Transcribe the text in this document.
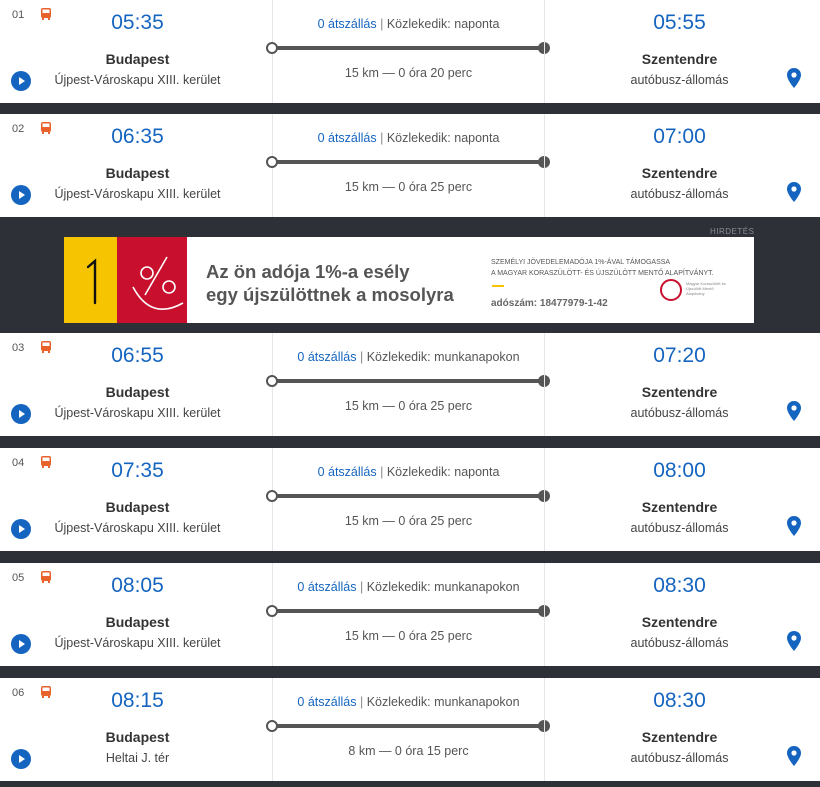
01	05:35
Budapest
Újpest-Városkapu XIII. kerület
0 átszállás | Közlekedik: naponta
15 km — 0 óra 20 perc
05:55
Szentendre
autóbusz-állomás
02	06:35
Budapest
Újpest-Városkapu XIII. kerület
0 átszállás | Közlekedik: naponta
15 km — 0 óra 25 perc
07:00
Szentendre
autóbusz-állomás
03	06:55
Budapest
Újpest-Városkapu XIII. kerület
0 átszállás | Közlekedik: munkanapokon
15 km — 0 óra 25 perc
07:20
Szentendre
autóbusz-állomás
04	07:35
Budapest
Újpest-Városkapu XIII. kerület
0 átszállás | Közlekedik: naponta
15 km — 0 óra 25 perc
08:00
Szentendre
autóbusz-állomás
05	08:05
Budapest
Újpest-Városkapu XIII. kerület
0 átszállás | Közlekedik: munkanapokon
15 km — 0 óra 25 perc
08:30
Szentendre
autóbusz-állomás
06	08:15
Budapest
Heltai J. tér
0 átszállás | Közlekedik: munkanapokon
8 km — 0 óra 15 perc
08:30
Szentendre
autóbusz-állomás
HIRDETÉS
Az ön adója 1%-a esély
egy újszülöttnek a mosolyra
SZEMÉLYI JÖVEDELEMADÓJA 1%-ÁVAL TÁMOGASSA
A MAGYAR KORASZÜLÖTT- ÉS ÚJSZÜLÖTT MENTŐ ALAPÍTVÁNYT.
adószám: 18477979-1-42
Magyar Koraszülött és Újszülött Mentő Alapítvány
